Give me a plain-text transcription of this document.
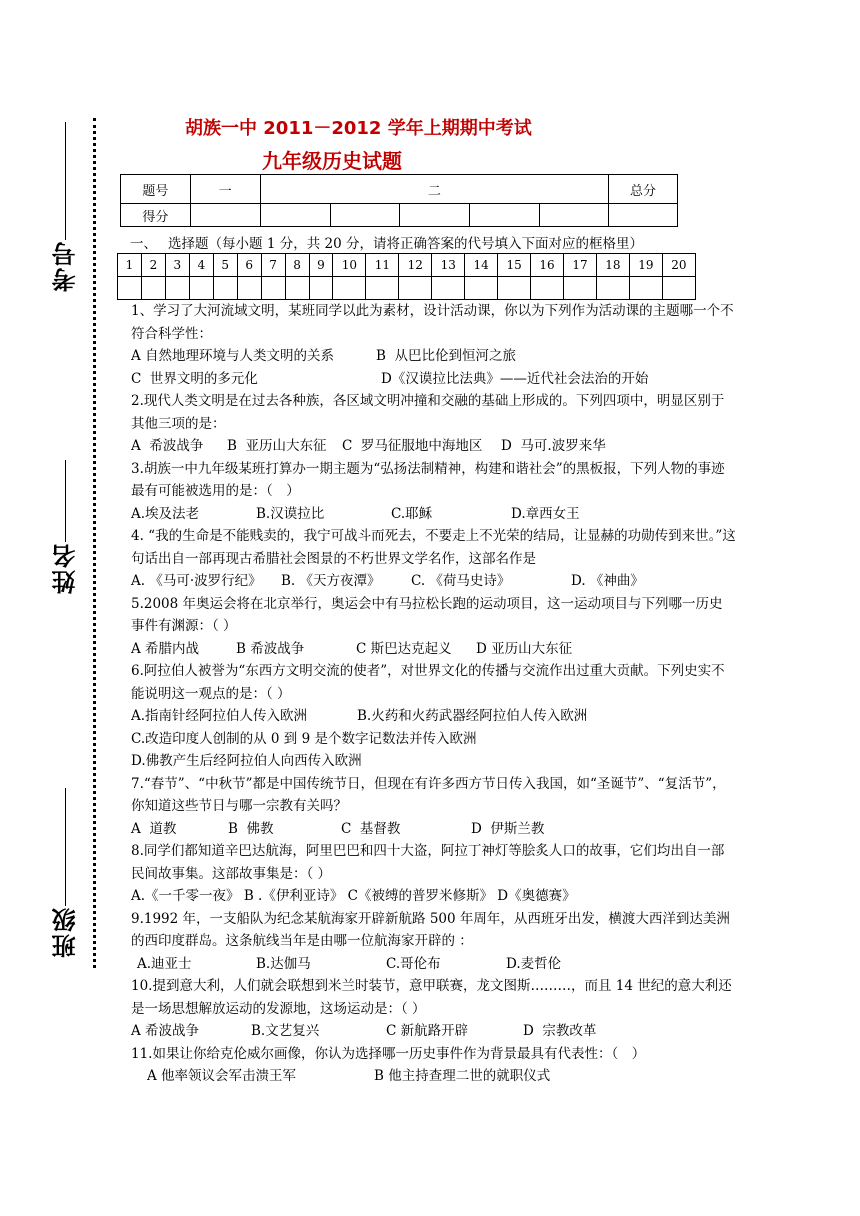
考号
姓名
班级
胡族一中 2011－2012 学年上期期中考试
九年级历史试题
题号	一	二					总分
得分							
一、　 选择题（每小题 1 分，共 20 分，请将正确答案的代号填入下面对应的框格里）
1	2	3	4	5	6	7	8	9	10	11	12	13	14	15	16	17	18	19	20

1、学习了大河流域文明，某班同学以此为素材，设计活动课，你以为下列作为活动课的主题哪一个不符合科学性：

A 自然地理环境与人类文明的关系	B  从巴比伦到恒河之旅
C  世界文明的多元化	D《汉谟拉比法典》——近代社会法治的开始

2.现代人类文明是在过去各种族，各区域文明冲撞和交融的基础上形成的。下列四项中，明显区别于其他三项的是：

A  希波战争 B  亚历山大东征 C  罗马征服地中海地区 D  马可.波罗来华

3.胡族一中九年级某班打算办一期主题为“弘扬法制精神，构建和谐社会”的黑板报，下列人物的事迹最有可能被选用的是：（　）

A.埃及法老	B.汉谟拉比	C.耶稣	D.章西女王

4. “我的生命是不能贱卖的，我宁可战斗而死去，不要走上不光荣的结局，让显赫的功勋传到来世。”这句话出自一部再现古希腊社会图景的不朽世界文学名作，这部名作是

A. 《马可·波罗行纪》 B. 《天方夜潭》 C. 《荷马史诗》	D. 《神曲》

5.2008 年奥运会将在北京举行，奥运会中有马拉松长跑的运动项目，这一运动项目与下列哪一历史事件有渊源：（ ）

A 希腊内战	B 希波战争	C 斯巴达克起义 D 亚历山大东征

6.阿拉伯人被誉为“东西方文明交流的使者”，对世界文化的传播与交流作出过重大贡献。下列史实不能说明这一观点的是：（ ）

A.指南针经阿拉伯人传入欧洲	B.火药和火药武器经阿拉伯人传入欧洲
C.改造印度人创制的从 0 到 9 是个数字记数法并传入欧洲
D.佛教产生后经阿拉伯人向西传入欧洲

7.“春节”、“中秋节”都是中国传统节日，但现在有许多西方节日传入我国，如“圣诞节”、“复活节”，你知道这些节日与哪一宗教有关吗？

A  道教	B  佛教	C  基督教	D  伊斯兰教

8.同学们都知道辛巴达航海，阿里巴巴和四十大盗，阿拉丁神灯等脍炙人口的故事，它们均出自一部民间故事集。这部故事集是：（ ）

A.《一千零一夜》 B .《伊利亚诗》 C《被缚的普罗米修斯》 D《奥德赛》

9.1992 年，一支船队为纪念某航海家开辟新航路 500 年周年，从西班牙出发，横渡大西洋到达美洲的西印度群岛。这条航线当年是由哪一位航海家开辟的 ：

A.迪亚士	B.达伽马	C.哥伦布	D.麦哲伦

10.提到意大利，人们就会联想到米兰时装节，意甲联赛，龙文图斯………，而且 14 世纪的意大利还是一场思想解放运动的发源地，这场运动是：（ ）

A 希波战争	B.文艺复兴	C 新航路开辟	D  宗教改革

11.如果让你给克伦威尔画像，你认为选择哪一历史事件作为背景最具有代表性：（　）

A 他率领议会军击溃王军	B 他主持查理二世的就职仪式
